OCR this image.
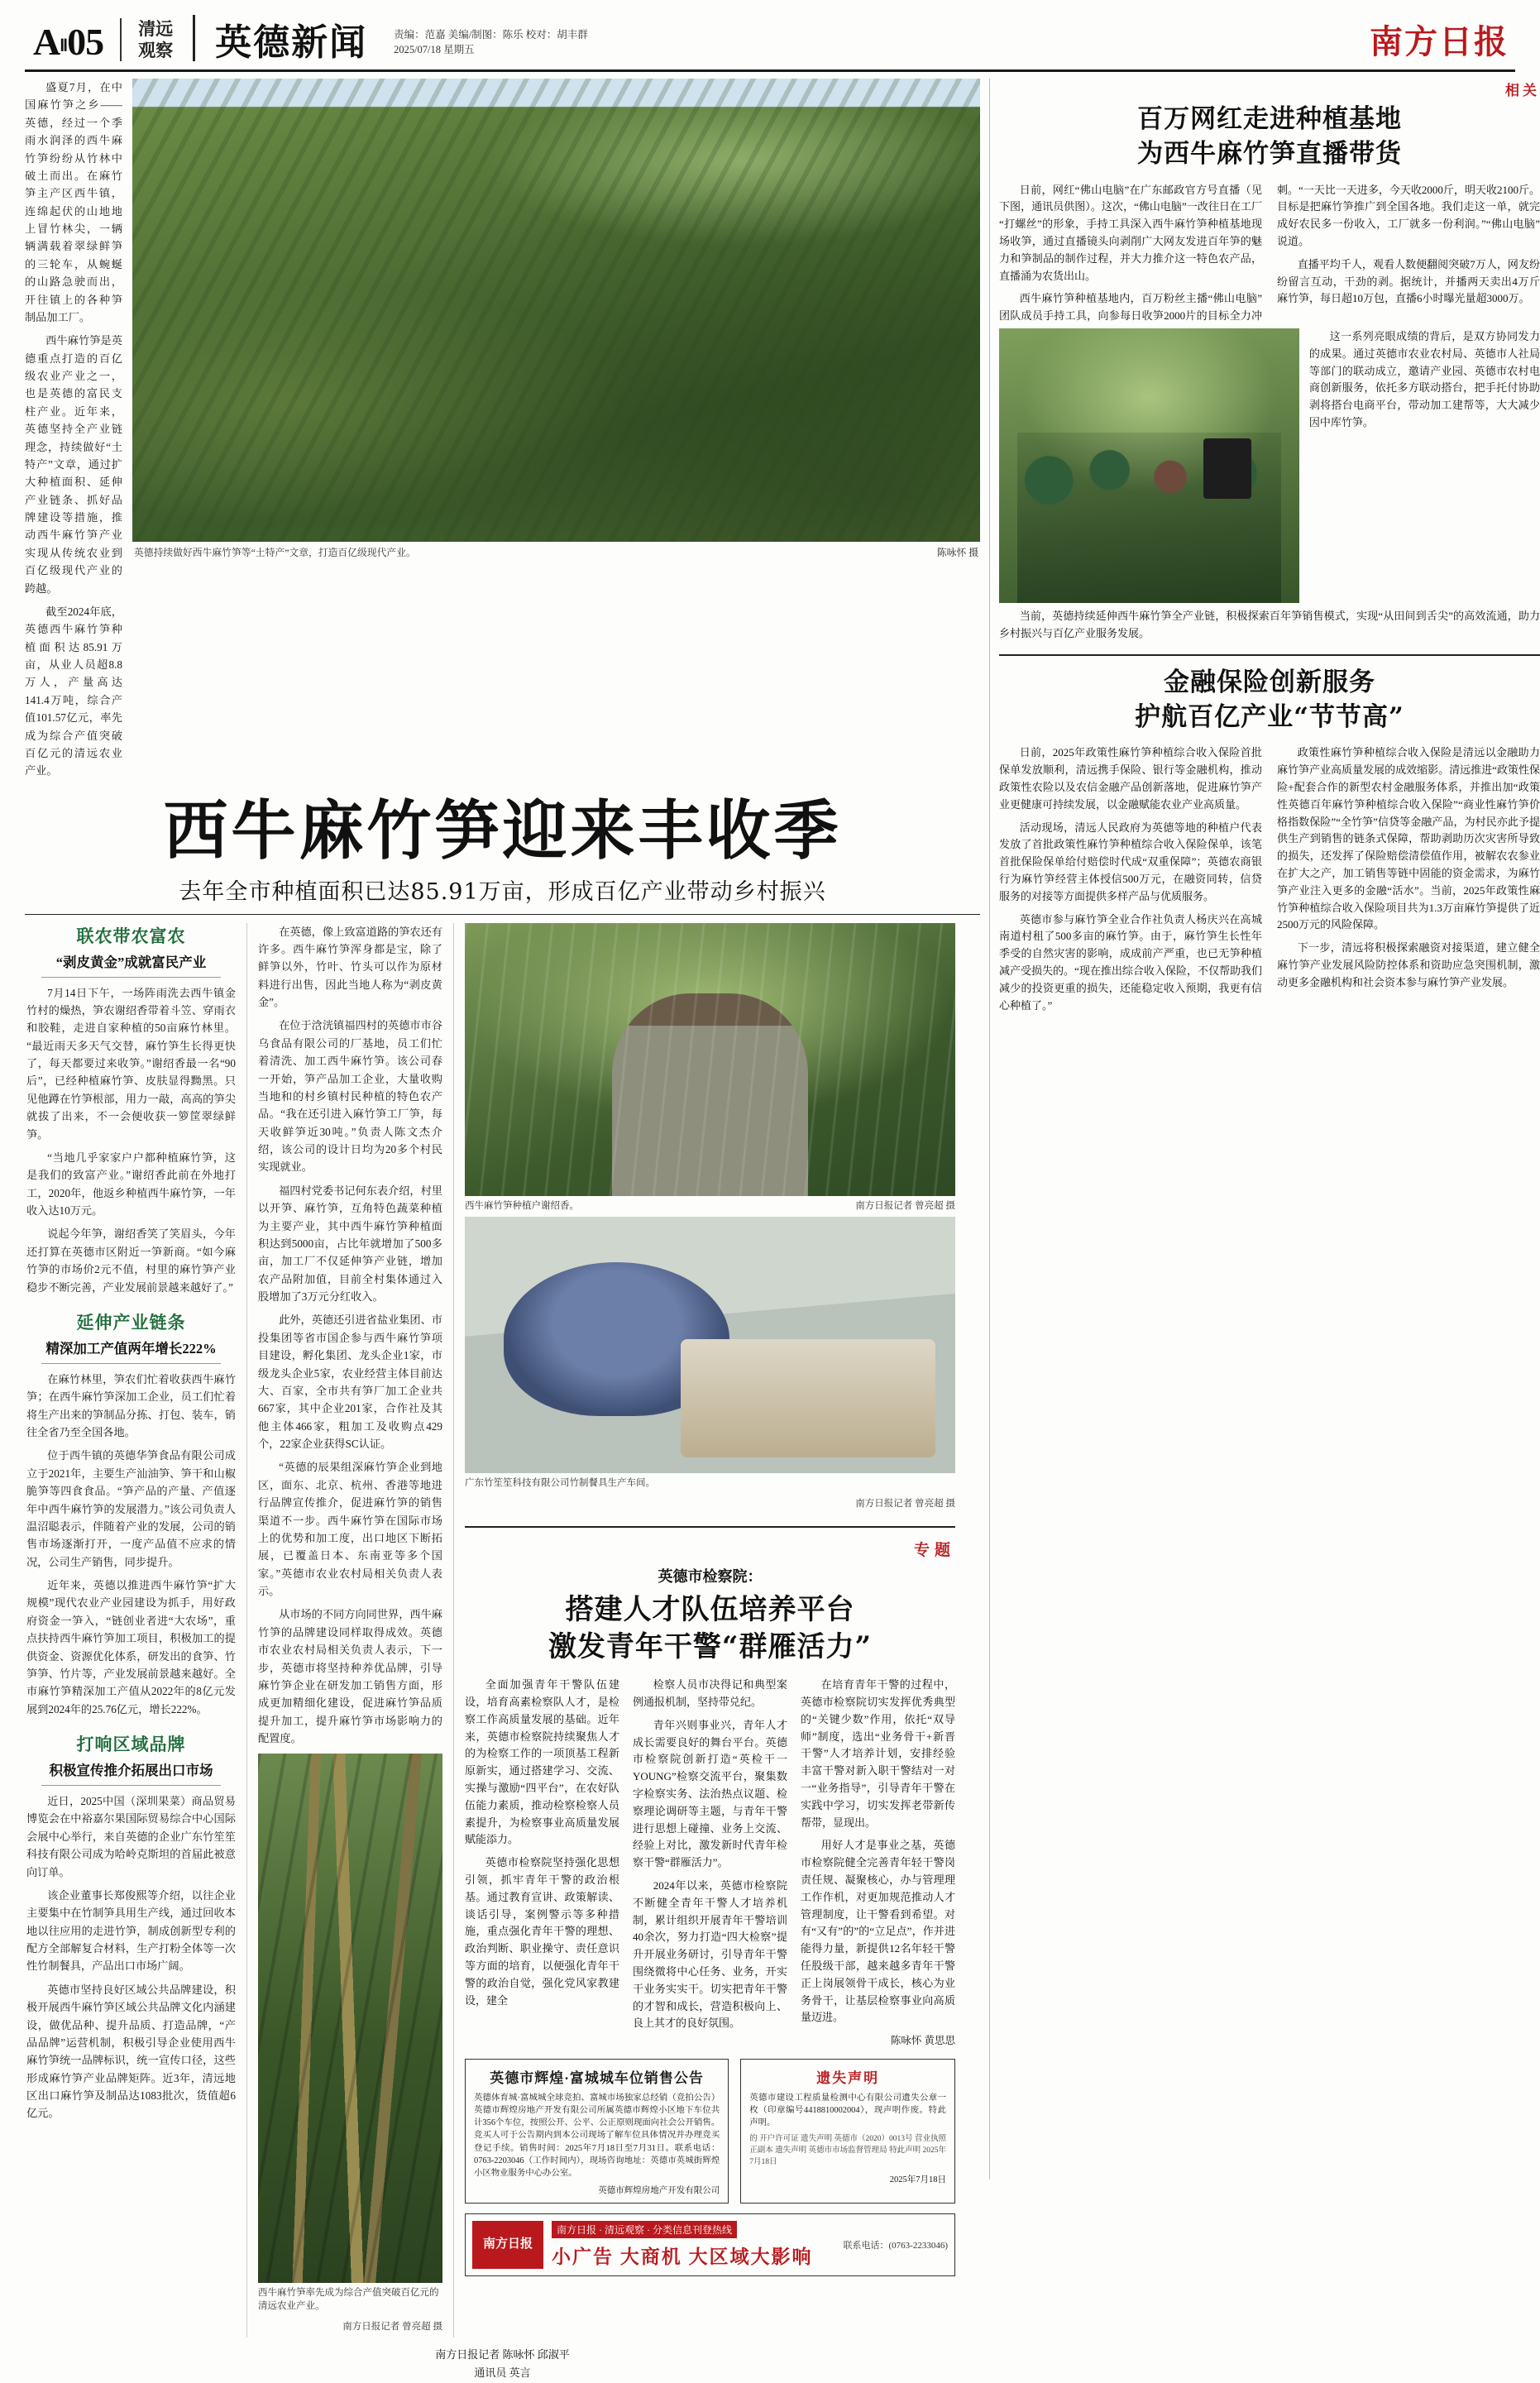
AⅡ05 清远
观察 英德新闻	责编：范嘉 美编/制图：陈乐 校对：胡丰群
2025/07/18 星期五	南方日报

盛夏7月，在中国麻竹笋之乡——英德，经过一个季雨水润泽的西牛麻竹笋纷纷从竹林中破土而出。在麻竹笋主产区西牛镇，连绵起伏的山地地上冒竹林尖，一辆辆满载着翠绿鲜笋的三轮车，从蜿蜒的山路急驶而出，开往镇上的各种笋制品加工厂。

西牛麻竹笋是英德重点打造的百亿级农业产业之一，也是英德的富民支柱产业。近年来，英德坚持全产业链理念，持续做好“土特产”文章，通过扩大种植面积、延伸产业链条、抓好品牌建设等措施，推动西牛麻竹笋产业实现从传统农业到百亿级现代产业的跨越。

截至2024年底，英德西牛麻竹笋种植面积达85.91万亩，从业人员超8.8万人，产量高达141.4万吨，综合产值101.57亿元，率先成为综合产值突破百亿元的清远农业产业。

英德持续做好西牛麻竹笋等“土特产”文章，打造百亿级现代产业。	陈咏怀 摄
西牛麻竹笋迎来丰收季
去年全市种植面积已达85.91万亩，形成百亿产业带动乡村振兴
联农带农富农
“剥皮黄金”成就富民产业

7月14日下午，一场阵雨洗去西牛镇金竹村的燥热，笋农谢绍香带着斗笠、穿雨衣和胶鞋，走进自家种植的50亩麻竹林里。“最近雨天多天气交替，麻竹笋生长得更快了，每天都要过来收笋。”谢绍香最一名“90后”，已经种植麻竹笋、皮肤显得黝黑。只见他蹲在竹笋根部，用力一敲，高高的笋尖就拔了出来，不一会便收获一箩筐翠绿鲜笋。

“当地几乎家家户户都种植麻竹笋，这是我们的致富产业。”谢绍香此前在外地打工，2020年，他返乡种植西牛麻竹笋，一年收入达10万元。

说起今年笋，谢绍香笑了笑眉头，今年还打算在英德市区附近一笋新商。“如今麻竹笋的市场价2元不值，村里的麻竹笋产业稳步不断完善，产业发展前景越来越好了。”

延伸产业链条
精深加工产值两年增长222%

在麻竹林里，笋农们忙着收获西牛麻竹笋；在西牛麻竹笋深加工企业，员工们忙着将生产出来的笋制品分拣、打包、装车，销往全省乃至全国各地。

位于西牛镇的英德华笋食品有限公司成立于2021年，主要生产汕油笋、笋干和山椒脆笋等四食食品。“笋产品的产量、产值逐年中西牛麻竹笋的发展潜力。”该公司负责人温沼聪表示，伴随着产业的发展，公司的销售市场逐渐打开，一度产品值不应求的情况，公司生产销售，同步提升。

近年来，英德以推进西牛麻竹笋“扩大规模”现代农业产业园建设为抓手，用好政府资金一笋入，“链创业者进“大农场”，重点扶持西牛麻竹笋加工项目，积极加工的提供资金、资源优化体系，研发出的食笋、竹笋笋、竹片等，产业发展前景越来越好。全市麻竹笋精深加工产值从2022年的8亿元发展到2024年的25.76亿元，增长222%。

打响区域品牌
积极宣传推介拓展出口市场

近日，2025中国（深圳果菜）商品贸易博览会在中裕嘉尔果国际贸易综合中心国际会展中心举行，来自英德的企业广东竹笙笙科技有限公司成为哈岭克斯坦的首届此被意向订单。

该企业董事长郑俊熙等介绍，以往企业主要集中在竹制笋具用生产线，通过回收本地以往应用的走进竹笋，制成创新型专利的配方全部解复合材料，生产打粉全体等一次性竹制餐具，产品出口市场广阔。

英德市坚持良好区域公共品牌建设，积极开展西牛麻竹笋区域公共品牌文化内涵建设，做优品种、提升品质、打造品牌，“产品品牌”运营机制，积极引导企业使用西牛麻竹笋统一品牌标识，统一宣传口径，这些形成麻竹笋产业品牌矩阵。近3年，清远地区出口麻竹笋及制品达1083批次，货值超6亿元。

在英德，像上致富道路的笋农还有许多。西牛麻竹笋浑身都是宝，除了鲜笋以外，竹叶、竹头可以作为原材料进行出售，因此当地人称为“剥皮黄金”。

在位于浛洸镇福四村的英德市市谷乌食品有限公司的厂基地，员工们忙着清洗、加工西牛麻竹笋。该公司春一开始，笋产品加工企业，大量收购当地和的村乡镇村民种植的特色农产品。“我在还引进入麻竹笋工厂笋，每天收鲜笋近30吨。”负责人陈文杰介绍，该公司的设计日均为20多个村民实现就业。

福四村党委书记何东表介绍，村里以开笋、麻竹笋，互角特色蔬菜种植为主要产业，其中西牛麻竹笋种植面积达到5000亩，占比年就增加了500多亩，加工厂不仅延伸笋产业链，增加农产品附加值，目前全村集体通过入股增加了3万元分红收入。

此外，英德还引进省盐业集团、市投集团等省市国企参与西牛麻竹笋项目建设，孵化集团、龙头企业1家，市级龙头企业5家，农业经营主体目前达大、百家，全市共有笋厂加工企业共667家，其中企业201家，合作社及其他主体466家，粗加工及收购点429个，22家企业获得SC认证。

“英德的辰果组深麻竹笋企业到地区，面东、北京、杭州、香港等地进行品牌宣传推介，促进麻竹笋的销售渠道不一步。西牛麻竹笋在国际市场上的优势和加工度，出口地区下断拓展，已覆盖日本、东南亚等多个国家。”英德市农业农村局相关负责人表示。

从市场的不同方向同世界，西牛麻竹笋的品牌建设同样取得成效。英德市农业农村局相关负责人表示，下一步，英德市将坚持种养优品牌，引导麻竹笋企业在研发加工销售方面，形成更加精细化建设，促进麻竹笋品质提升加工，提升麻竹笋市场影响力的配置度。

西牛麻竹笋率先成为综合产值突破百亿元的清远农业产业。
南方日报记者 曾亮超 摄
西牛麻竹笋种植户谢绍香。	南方日报记者 曾亮超 摄
广东竹笙笙科技有限公司竹制餐具生产车间。
南方日报记者 曾亮超 摄
专题
英德市检察院：
搭建人才队伍培养平台
激发青年干警“群雁活力”

全面加强青年干警队伍建设，培育高素检察队人才，是检察工作高质量发展的基础。近年来，英德市检察院持续聚焦人才的为检察工作的一项顶基工程新原新实，通过搭建学习、交流、实操与激励“四平台”，在农好队伍能力素质，推动检察检察人员素提升，为检察事业高质量发展赋能添力。

英德市检察院坚持强化思想引领，抓牢青年干警的政治根基。通过教育宣讲、政策解读、谈话引导，案例警示等多种措施，重点强化青年干警的理想、政治判断、职业操守、责任意识等方面的培育，以便强化青年干警的政治自觉，强化党风家教建设，建全

检察人员市决得记和典型案例通报机制，坚持带兑纪。

青年兴则事业兴，青年人才成长需要良好的舞台平台。英德市检察院创新打造“英检干一YOUNG”检察交流平台，聚集数字检察实务、法治热点议题、检察理论调研等主题，与青年干警进行思想上碰撞、业务上交流、经验上对比，激发新时代青年检察干警“群雁活力”。

2024年以来，英德市检察院不断健全青年干警人才培养机制，累计组织开展青年干警培训40余次，努力打造“四大检察”提升开展业务研讨，引导青年干警围绕微将中心任务、业务，开实干业务实实干。切实把青年干警的才智和成长，营造积极向上、良上其才的良好氛围。

在培育青年干警的过程中，英德市检察院切实发挥优秀典型的“关键少数”作用，依托“双导师”制度，选出“业务骨干+新晋干警”人才培养计划，安排经验丰富干警对新入职干警结对一对一“业务指导”，引导青年干警在实践中学习，切实发挥老带新传帮带，显现出。

用好人才是事业之基，英德市检察院健全完善青年轻干警岗责任规、凝聚核心，办与管理理工作作机，对更加规范推动人才管理制度，让干警看到希望。对有“又有”的”的“立足点”，作并进能得力量，新提供12名年轻干警任股级干部，越来越多青年干警正上岗展领骨干成长，核心为业务骨干，让基层检察事业向高质量迈进。

陈咏怀 黄思思
英德市辉煌·富城城车位销售公告
英德体育城·富城城全球竞拍、富城市场独家总经销（竞拍公告）英德市辉煌房地产开发有限公司所属英德市辉煌小区地下车位共计356个车位，按照公开、公平、公正原则现面向社会公开销售。竞买人可于公告期内到本公司现场了解车位具体情况并办理竞买登记手续。销售时间：2025年7月18日至7月31日。联系电话：0763-2203046（工作时间内），现场咨询地址：英德市英城街辉煌小区物业服务中心办公室。
英德市辉煌房地产开发有限公司
遗失声明
英德市建设工程质量检测中心有限公司遗失公章一枚（印章编号4418810002004），现声明作废。特此声明。
的 开户许可证 遗失声明 英德市（2020）0013号 营业执照正副本 遗失声明 英德市市场监督管理局 特此声明 2025年7月18日
2025年7月18日
南方日报
南方日报 · 清远观察 · 分类信息刊登热线
小广告 大商机 大区域大影响
联系电话：(0763-2233046)
南方日报记者 陈咏怀 邱淑平
通讯员 英言
相关
百万网红走进种植基地
为西牛麻竹笋直播带货

日前，网红“佛山电脑”在广东邮政官方号直播（见下图，通讯员供图）。这次，“佛山电脑”一改往日在工厂“打螺丝”的形象，手持工具深入西牛麻竹笋种植基地现场收笋，通过直播镜头向剥削广大网友发进百年笋的魅力和笋制品的制作过程，并大力推介这一特色农产品，直播涌为农货出山。

西牛麻竹笋种植基地内，百万粉丝主播“佛山电脑”团队成员手持工具，向参每日收笋2000片的目标全力冲刺。“一天比一天进多，今天收2000斤，明天收2100斤。目标是把麻竹笋推广到全国各地。我们走这一单，就完成好农民多一份收入，工厂就多一份利润。”“佛山电脑”说道。

直播平均千人，观看人数便翻阅突破7万人，网友纷纷留言互动，干劲的剥。据统计，并播两天卖出4万斤麻竹笋，每日超10万包，直播6小时曝光量超3000万。

这一系列亮眼成绩的背后，是双方协同发力的成果。通过英德市农业农村局、英德市人社局等部门的联动成立，邀请产业园、英德市农村电商创新服务，依托多方联动搭台，把手托付协助剥将搭台电商平台，带动加工建帮等，大大减少因中库竹笋。

当前，英德持续延伸西牛麻竹笋全产业链，积极探索百年笋销售模式，实现“从田间到舌尖”的高效流通，助力乡村振兴与百亿产业服务发展。

金融保险创新服务
护航百亿产业“节节高”

日前，2025年政策性麻竹笋种植综合收入保险首批保单发放顺利，清远携手保险、银行等金融机构，推动政策性农险以及农信金融产品创新落地，促进麻竹笋产业更健康可持续发展，以金融赋能农业产业高质量。

活动现场，清远人民政府为英德等地的种植户代表发放了首批政策性麻竹笋种植综合收入保险保单，该笔首批保险保单给付赔偿时代成“双重保障”；英德农商银行为麻竹笋经营主体授信500万元，在融资同转，信贷服务的对接等方面提供多样产品与优质服务。

英德市参与麻竹笋全业合作社负责人杨庆兴在高城南道村租了500多亩的麻竹笋。由于，麻竹笋生长性年季受的自然灾害的影响，成成前产严重，也已无笋种植减产受损失的。“现在推出综合收入保险，不仅帮助我们减少的投资更重的损失，还能稳定收入预期，我更有信心种植了。”

政策性麻竹笋种植综合收入保险是清远以金融助力麻竹笋产业高质量发展的成效缩影。清远推进“政策性保险+配套合作的新型农村金融服务体系，并推出加“政策性英德百年麻竹笋种植综合收入保险”“商业性麻竹笋价格指数保险”“全竹笋”信贷等金融产品，为村民亦此予提供生产到销售的链条式保障，帮助剥助历次灾害所导致的损失，还发挥了保险赔偿清偿值作用，被解农农参业在扩大之产，加工销售等链中固能的资金需求，为麻竹笋产业注入更多的金融“活水”。当前，2025年政策性麻竹笋种植综合收入保险项目共为1.3万亩麻竹笋提供了近2500万元的风险保障。

下一步，清远将积极探索融资对接渠道，建立健全麻竹笋产业发展风险防控体系和资助应急突围机制，激动更多金融机构和社会资本参与麻竹笋产业发展。
